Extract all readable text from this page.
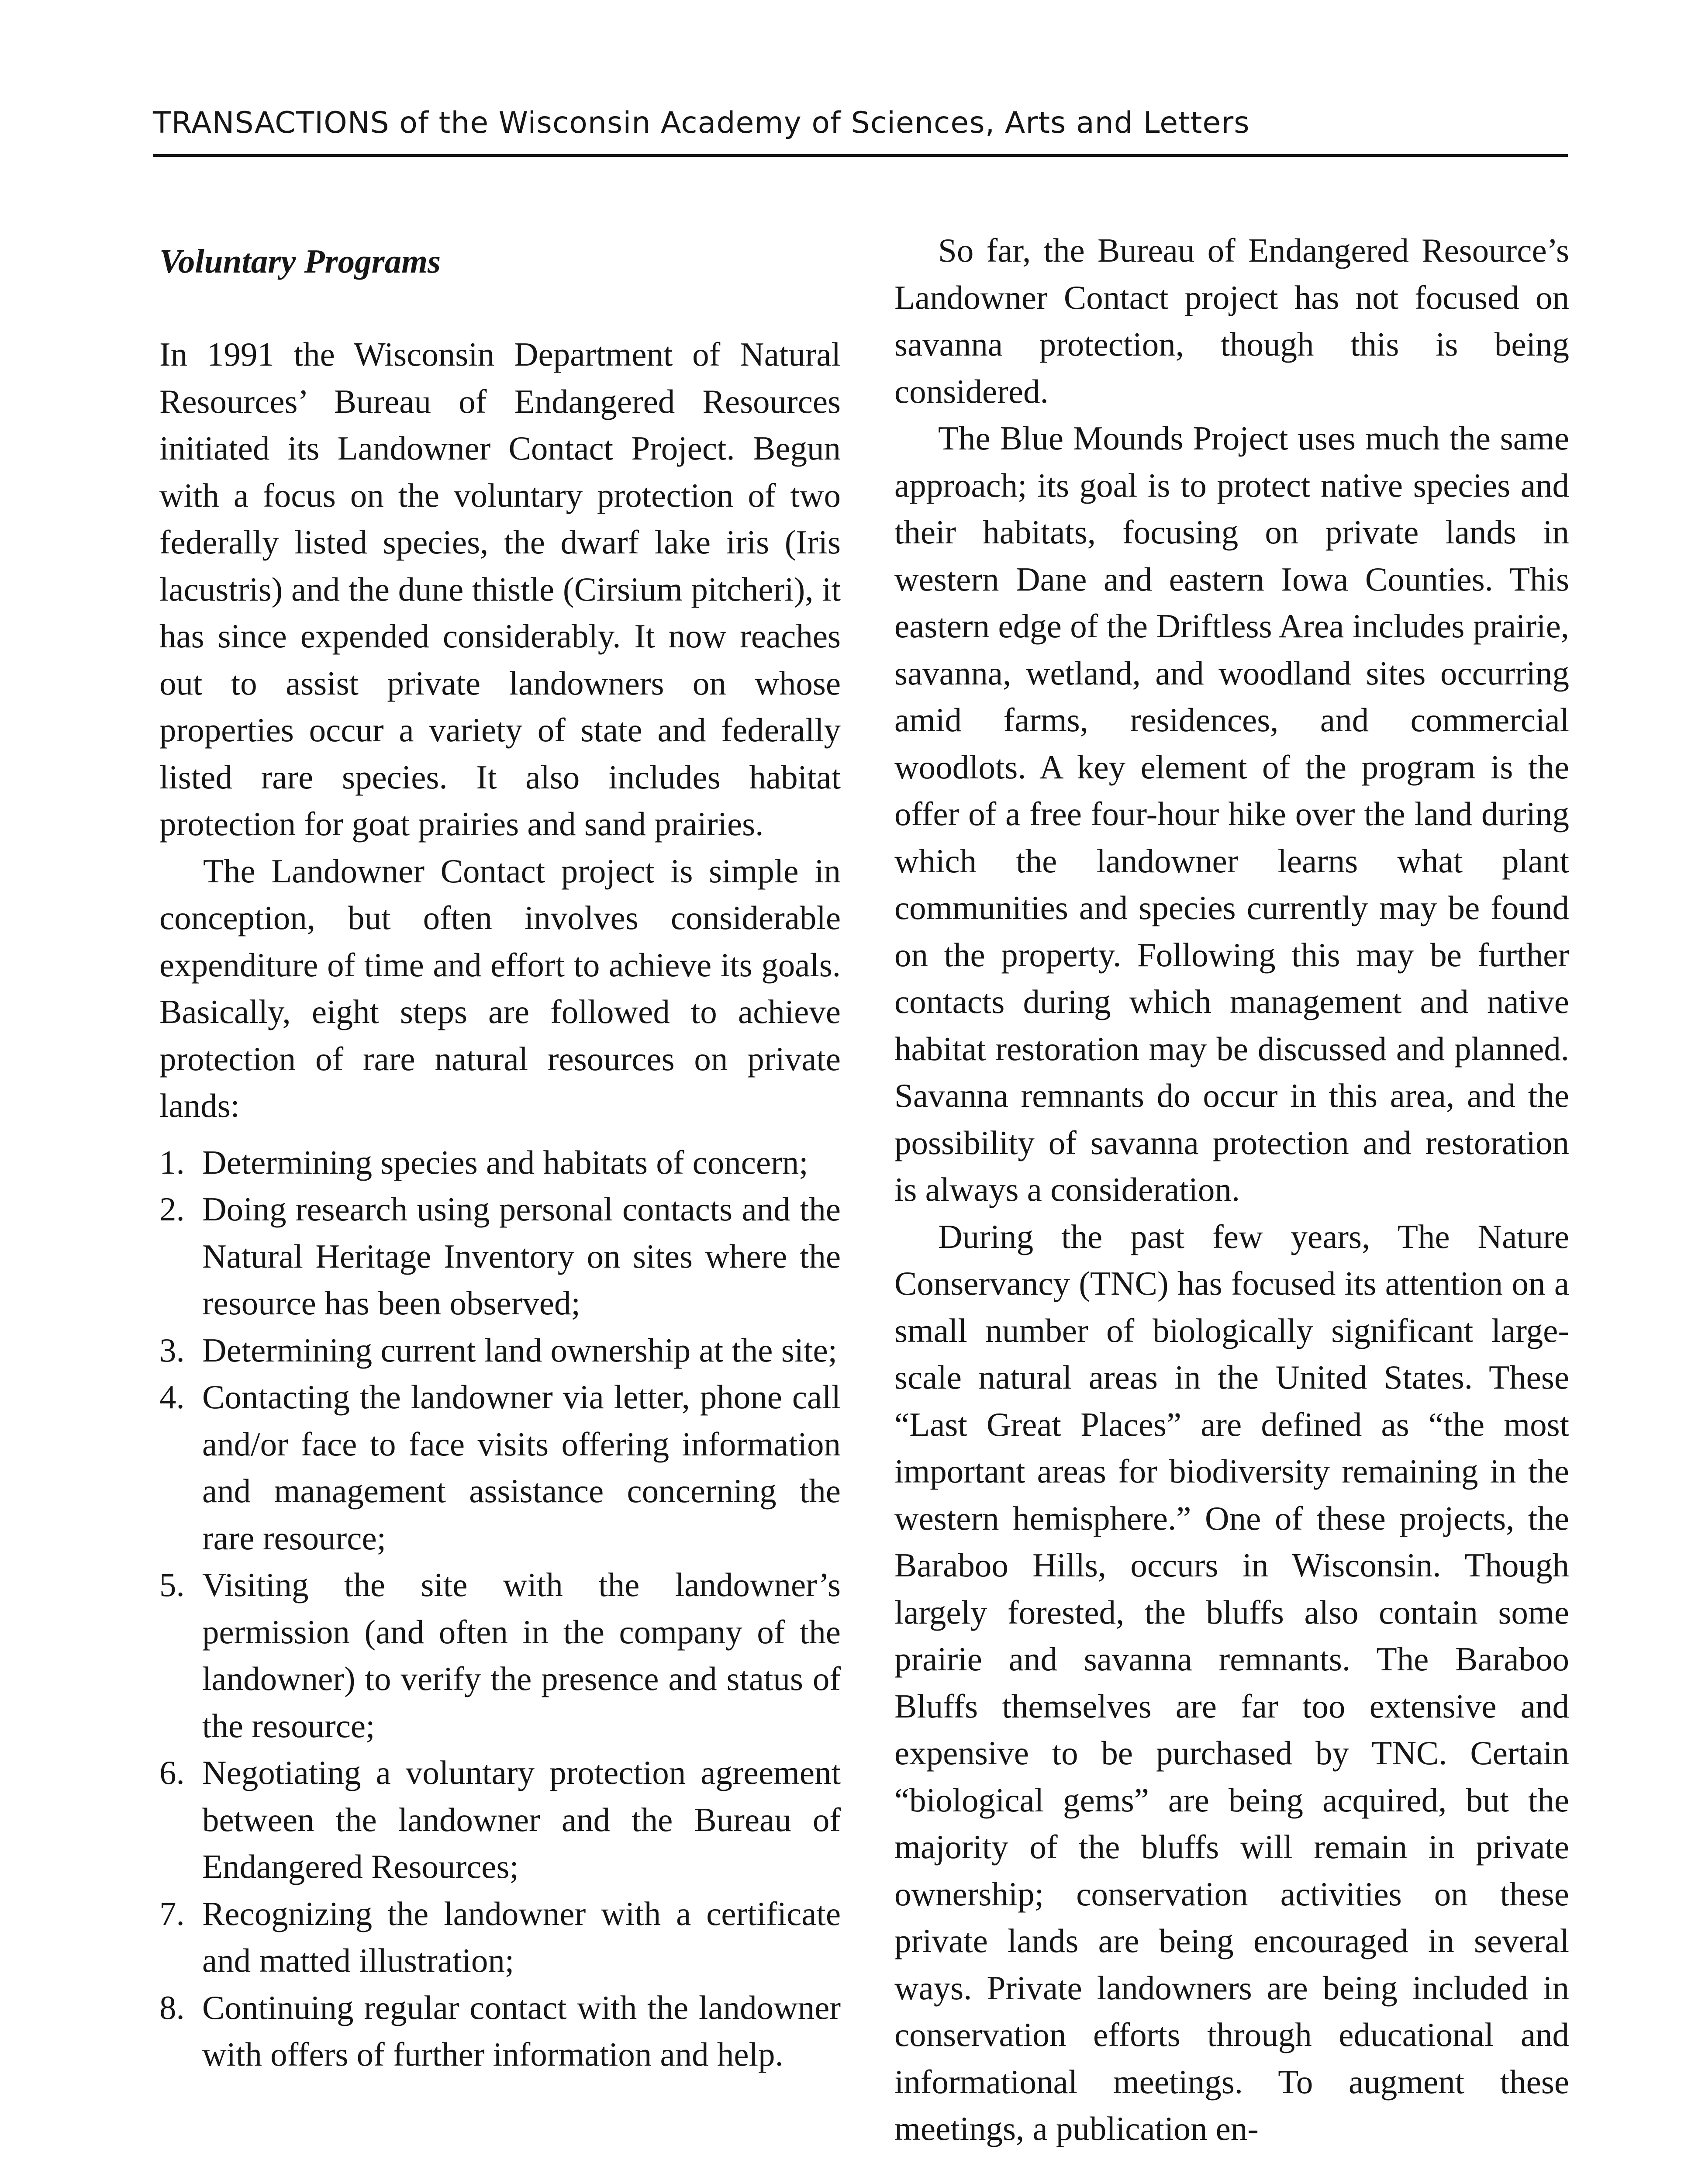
TRANSACTIONS of the Wisconsin Academy of Sciences, Arts and Letters
Voluntary Programs

In 1991 the Wisconsin Department of Natural Resources’ Bureau of Endangered Resources initiated its Landowner Contact Project. Begun with a focus on the voluntary protection of two federally listed species, the dwarf lake iris (Iris lacustris) and the dune thistle (Cirsium pitcheri), it has since expended considerably. It now reaches out to assist private landowners on whose properties occur a variety of state and federally listed rare species. It also includes habitat protection for goat prairies and sand prairies.

The Landowner Contact project is simple in conception, but often involves considerable expenditure of time and effort to achieve its goals. Basically, eight steps are followed to achieve protection of rare natural resources on private lands:

1. Determining species and habitats of concern;
2. Doing research using personal contacts and the Natural Heritage Inventory on sites where the resource has been observed;
3. Determining current land ownership at the site;
4. Contacting the landowner via letter, phone call and/or face to face visits offering information and management assistance concerning the rare resource;
5. Visiting the site with the landowner’s permission (and often in the company of the landowner) to verify the presence and status of the resource;
6. Negotiating a voluntary protection agreement between the landowner and the Bureau of Endangered Resources;
7. Recognizing the landowner with a certificate and matted illustration;
8. Continuing regular contact with the landowner with offers of further information and help.

So far, the Bureau of Endangered Resource’s Landowner Contact project has not focused on savanna protection, though this is being considered.

The Blue Mounds Project uses much the same approach; its goal is to protect native species and their habitats, focusing on private lands in western Dane and eastern Iowa Counties. This eastern edge of the Driftless Area includes prairie, savanna, wetland, and woodland sites occurring amid farms, residences, and commercial woodlots. A key element of the program is the offer of a free four-hour hike over the land during which the landowner learns what plant communities and species currently may be found on the property. Following this may be further contacts during which management and native habitat restoration may be discussed and planned. Savanna remnants do occur in this area, and the possibility of savanna protection and restoration is always a consideration.

During the past few years, The Nature Conservancy (TNC) has focused its attention on a small number of biologically significant large-scale natural areas in the United States. These “Last Great Places” are defined as “the most important areas for biodiversity remaining in the western hemisphere.” One of these projects, the Baraboo Hills, occurs in Wisconsin. Though largely forested, the bluffs also contain some prairie and savanna remnants. The Baraboo Bluffs themselves are far too extensive and expensive to be purchased by TNC. Certain “biological gems” are being acquired, but the majority of the bluffs will remain in private ownership; conservation activities on these private lands are being encouraged in several ways. Private landowners are being included in conservation efforts through educational and informational meetings. To augment these meetings, a publication en-
